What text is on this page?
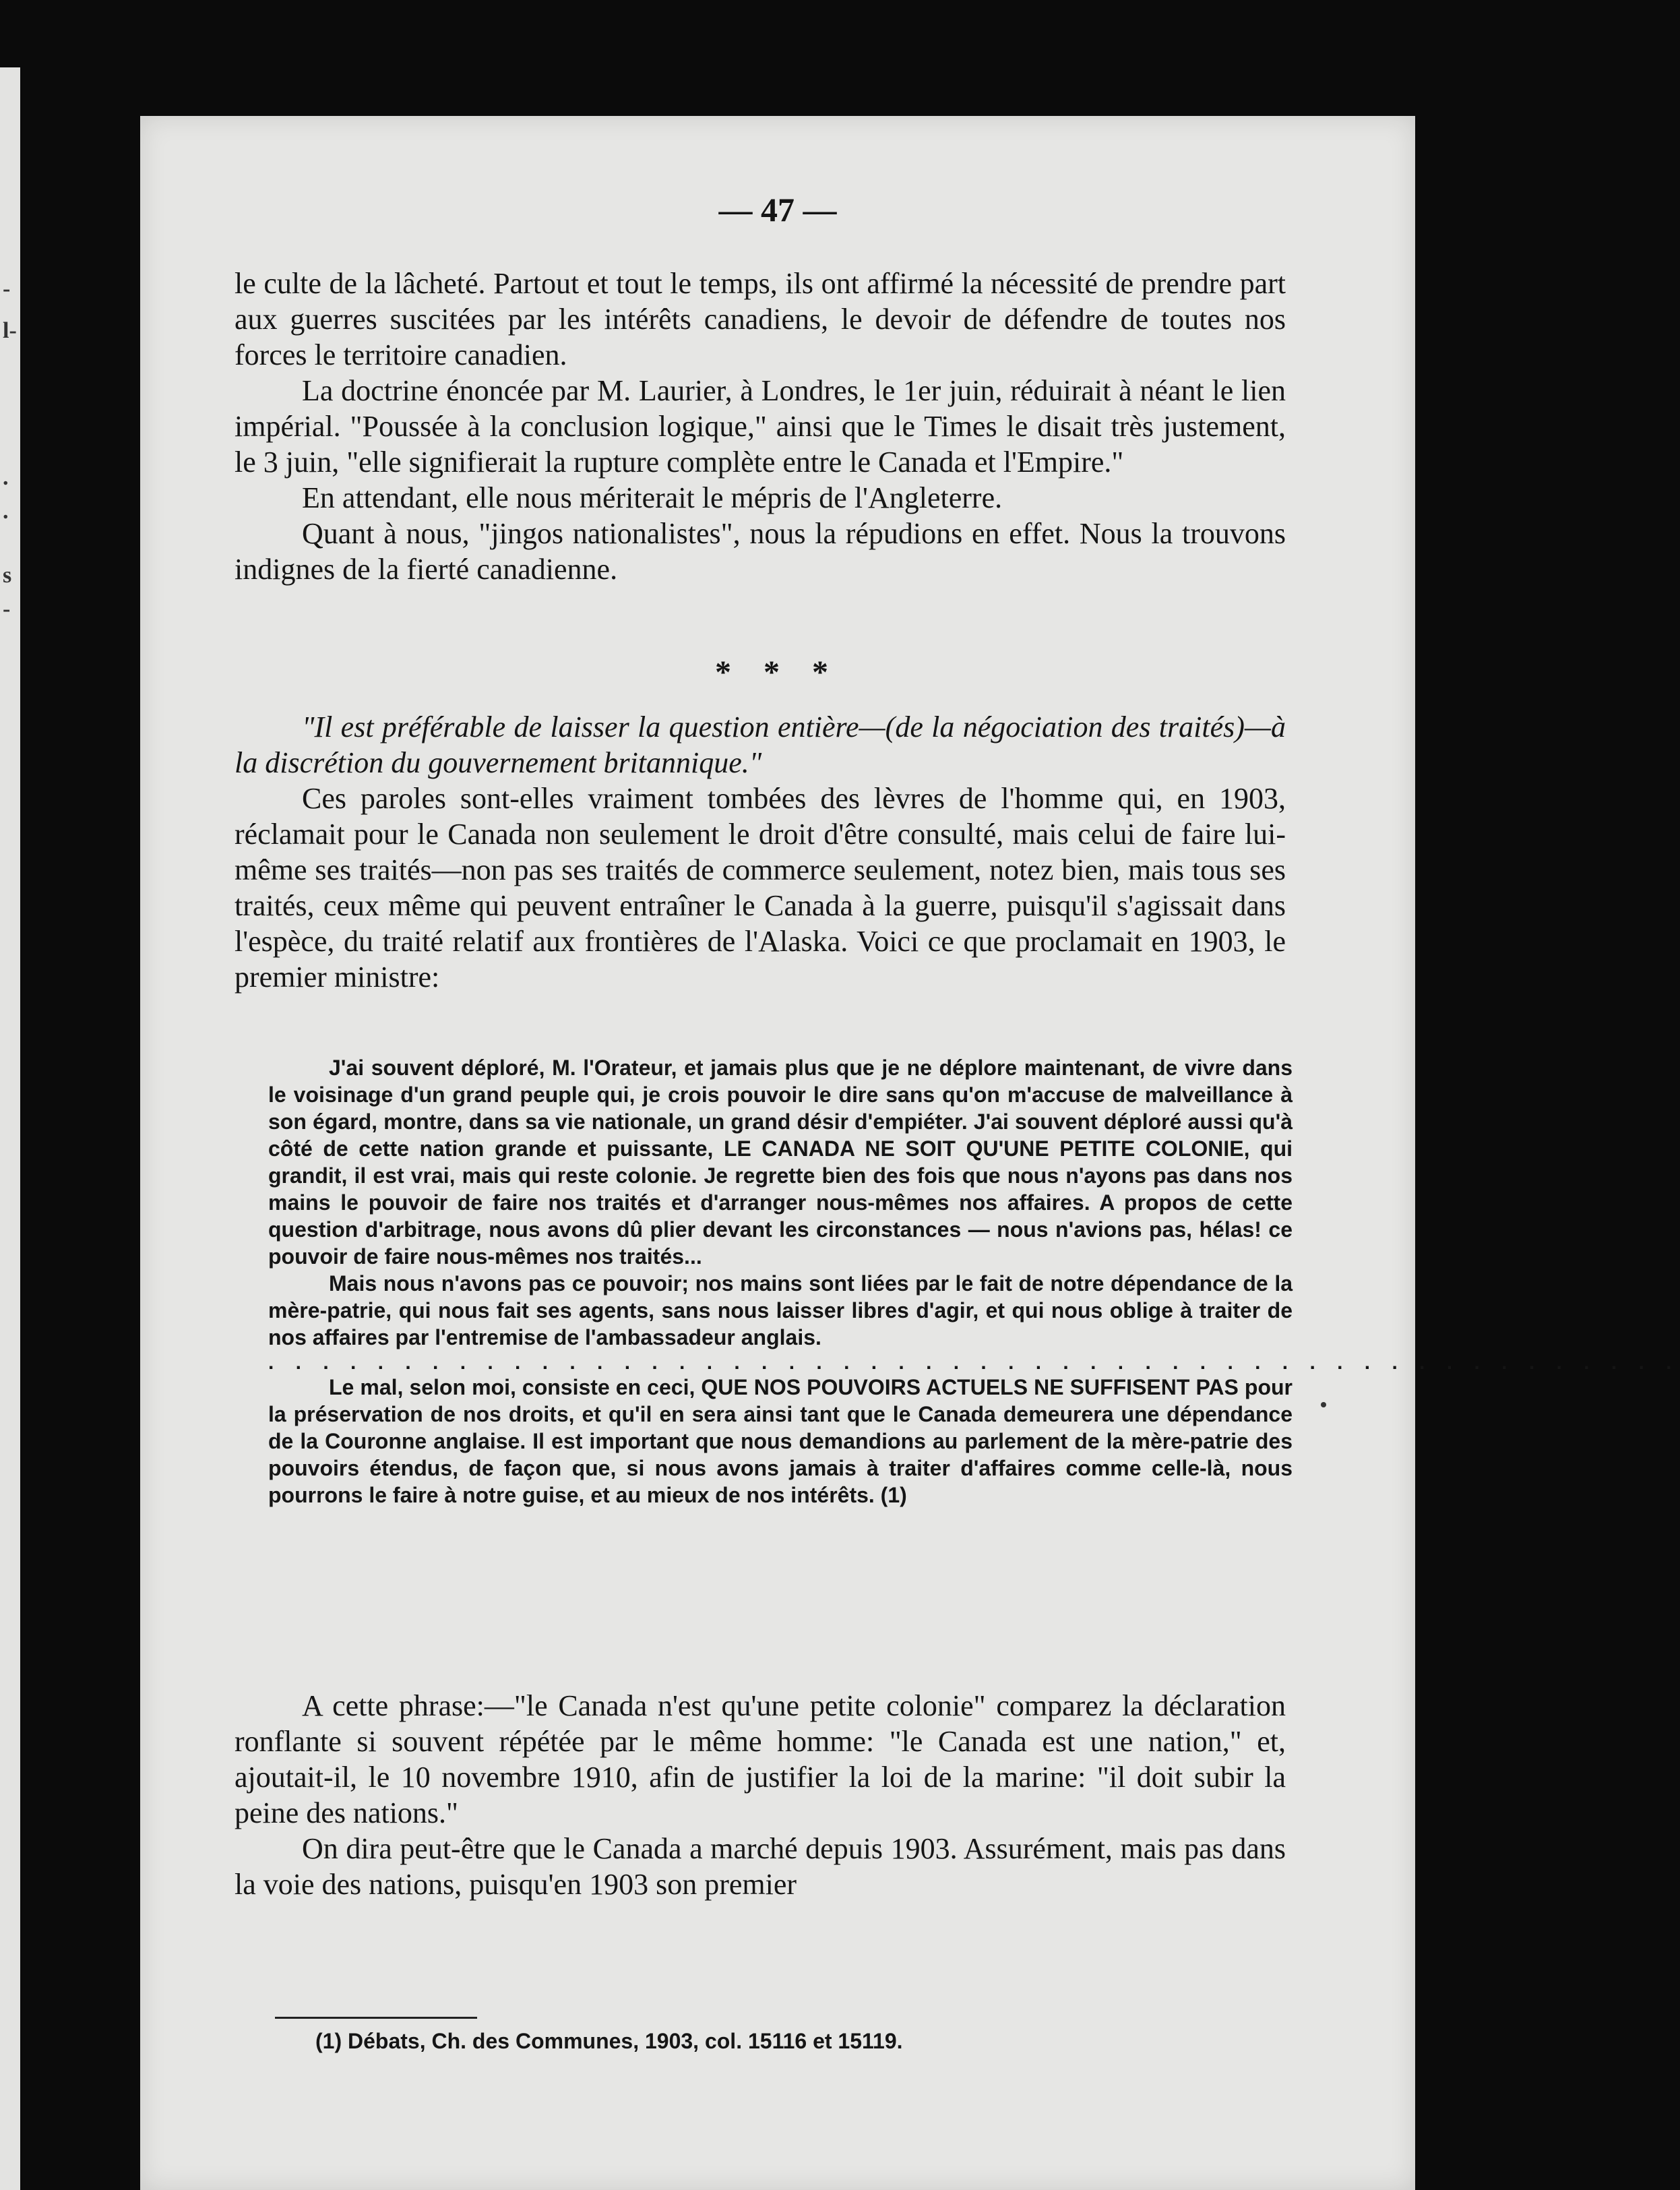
-
l-
.
.
s
-
— 47 —

le culte de la lâcheté. Partout et tout le temps, ils ont affirmé la nécessité de prendre part aux guerres suscitées par les intérêts canadiens, le devoir de défendre de toutes nos forces le territoire canadien.

La doctrine énoncée par M. Laurier, à Londres, le 1er juin, réduirait à néant le lien impérial. "Poussée à la conclusion logique," ainsi que le Times le disait très justement, le 3 juin, "elle signifierait la rupture complète entre le Canada et l'Empire."

En attendant, elle nous mériterait le mépris de l'Angleterre.

Quant à nous, "jingos nationalistes", nous la répudions en effet. Nous la trouvons indignes de la fierté canadienne.

* * *

"Il est préférable de laisser la question entière—(de la négociation des traités)—à la discrétion du gouvernement britannique."

Ces paroles sont-elles vraiment tombées des lèvres de l'homme qui, en 1903, réclamait pour le Canada non seulement le droit d'être consulté, mais celui de faire lui-même ses traités—non pas ses traités de commerce seulement, notez bien, mais tous ses traités, ceux même qui peuvent entraîner le Canada à la guerre, puisqu'il s'agissait dans l'espèce, du traité relatif aux frontières de l'Alaska. Voici ce que proclamait en 1903, le premier ministre:

J'ai souvent déploré, M. l'Orateur, et jamais plus que je ne déplore maintenant, de vivre dans le voisinage d'un grand peuple qui, je crois pouvoir le dire sans qu'on m'accuse de malveillance à son égard, montre, dans sa vie nationale, un grand désir d'empiéter. J'ai souvent déploré aussi qu'à côté de cette nation grande et puissante, LE CANADA NE SOIT QU'UNE PETITE COLONIE, qui grandit, il est vrai, mais qui reste colonie. Je regrette bien des fois que nous n'ayons pas dans nos mains le pouvoir de faire nos traités et d'arranger nous-mêmes nos affaires. A propos de cette question d'arbitrage, nous avons dû plier devant les circonstances — nous n'avions pas, hélas! ce pouvoir de faire nous-mêmes nos traités...

Mais nous n'avons pas ce pouvoir; nos mains sont liées par le fait de notre dépendance de la mère-patrie, qui nous fait ses agents, sans nous laisser libres d'agir, et qui nous oblige à traiter de nos affaires par l'entremise de l'ambassadeur anglais.

. . . . . . . . . . . . . . . . . . . . . . . . . . . . . . . . . . . . . . . . . . . . . . . . . . . .

Le mal, selon moi, consiste en ceci, QUE NOS POUVOIRS ACTUELS NE SUFFISENT PAS pour la préservation de nos droits, et qu'il en sera ainsi tant que le Canada demeurera une dépendance de la Couronne anglaise. Il est important que nous demandions au parlement de la mère-patrie des pouvoirs étendus, de façon que, si nous avons jamais à traiter d'affaires comme celle-là, nous pourrons le faire à notre guise, et au mieux de nos intérêts. (1)

A cette phrase:—"le Canada n'est qu'une petite colonie" comparez la déclaration ronflante si souvent répétée par le même homme: "le Canada est une nation," et, ajoutait-il, le 10 novembre 1910, afin de justifier la loi de la marine: "il doit subir la peine des nations."

On dira peut-être que le Canada a marché depuis 1903. Assurément, mais pas dans la voie des nations, puisqu'en 1903 son premier

(1) Débats, Ch. des Communes, 1903, col. 15116 et 15119.
